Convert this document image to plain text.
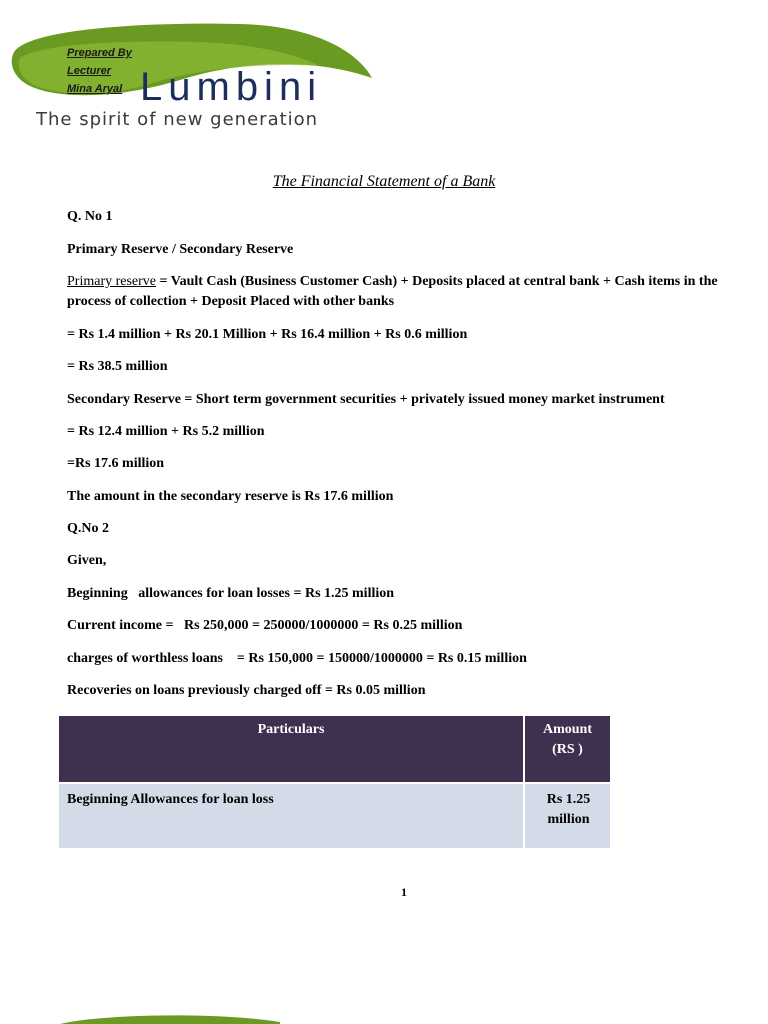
Lumbini
The spirit of new generation
Prepared By
Lecturer
Mina Aryal
The Financial Statement of a Bank
Q. No 1
Primary Reserve / Secondary Reserve
Primary reserve = Vault Cash (Business Customer Cash) + Deposits placed at central bank + Cash items in the process of collection + Deposit Placed with other banks
= Rs 1.4 million + Rs 20.1 Million + Rs 16.4 million + Rs 0.6 million
= Rs 38.5 million
Secondary Reserve = Short term government securities + privately issued money market instrument
= Rs 12.4 million + Rs 5.2 million
=Rs 17.6 million
The amount in the secondary reserve is Rs 17.6 million
Q.No 2
Given,
Beginning   allowances for loan losses = Rs 1.25 million
Current income =   Rs 250,000 = 250000/1000000 = Rs 0.25 million
charges of worthless loans    = Rs 150,000 = 150000/1000000 = Rs 0.15 million
Recoveries on loans previously charged off = Rs 0.05 million
Particulars	Amount (RS )
Beginning Allowances for loan loss	Rs 1.25 million
1
